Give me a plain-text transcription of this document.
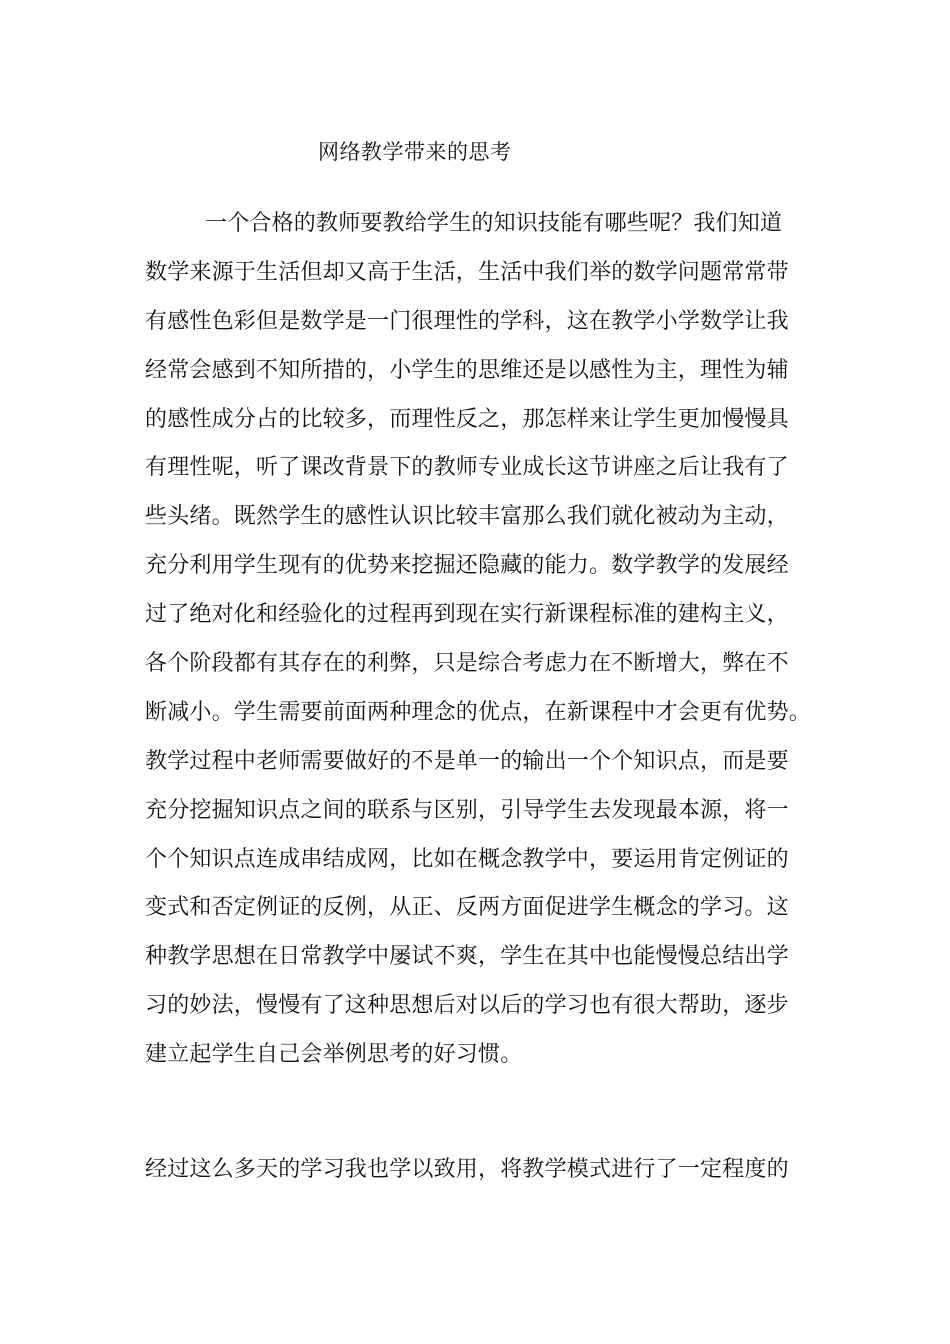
网络教学带来的思考
一个合格的教师要教给学生的知识技能有哪些呢？我们知道
数学来源于生活但却又高于生活，生活中我们举的数学问题常常带
有感性色彩但是数学是一门很理性的学科，这在教学小学数学让我
经常会感到不知所措的，小学生的思维还是以感性为主，理性为辅
的感性成分占的比较多，而理性反之，那怎样来让学生更加慢慢具
有理性呢，听了课改背景下的教师专业成长这节讲座之后让我有了
些头绪。既然学生的感性认识比较丰富那么我们就化被动为主动，
充分利用学生现有的优势来挖掘还隐藏的能力。数学教学的发展经
过了绝对化和经验化的过程再到现在实行新课程标准的建构主义，
各个阶段都有其存在的利弊，只是综合考虑力在不断增大，弊在不
断减小。学生需要前面两种理念的优点，在新课程中才会更有优势。
教学过程中老师需要做好的不是单一的输出一个个知识点，而是要
充分挖掘知识点之间的联系与区别，引导学生去发现最本源，将一
个个知识点连成串结成网，比如在概念教学中，要运用肯定例证的
变式和否定例证的反例，从正、反两方面促进学生概念的学习。这
种教学思想在日常教学中屡试不爽，学生在其中也能慢慢总结出学
习的妙法，慢慢有了这种思想后对以后的学习也有很大帮助，逐步
建立起学生自己会举例思考的好习惯。
经过这么多天的学习我也学以致用，将教学模式进行了一定程度的
